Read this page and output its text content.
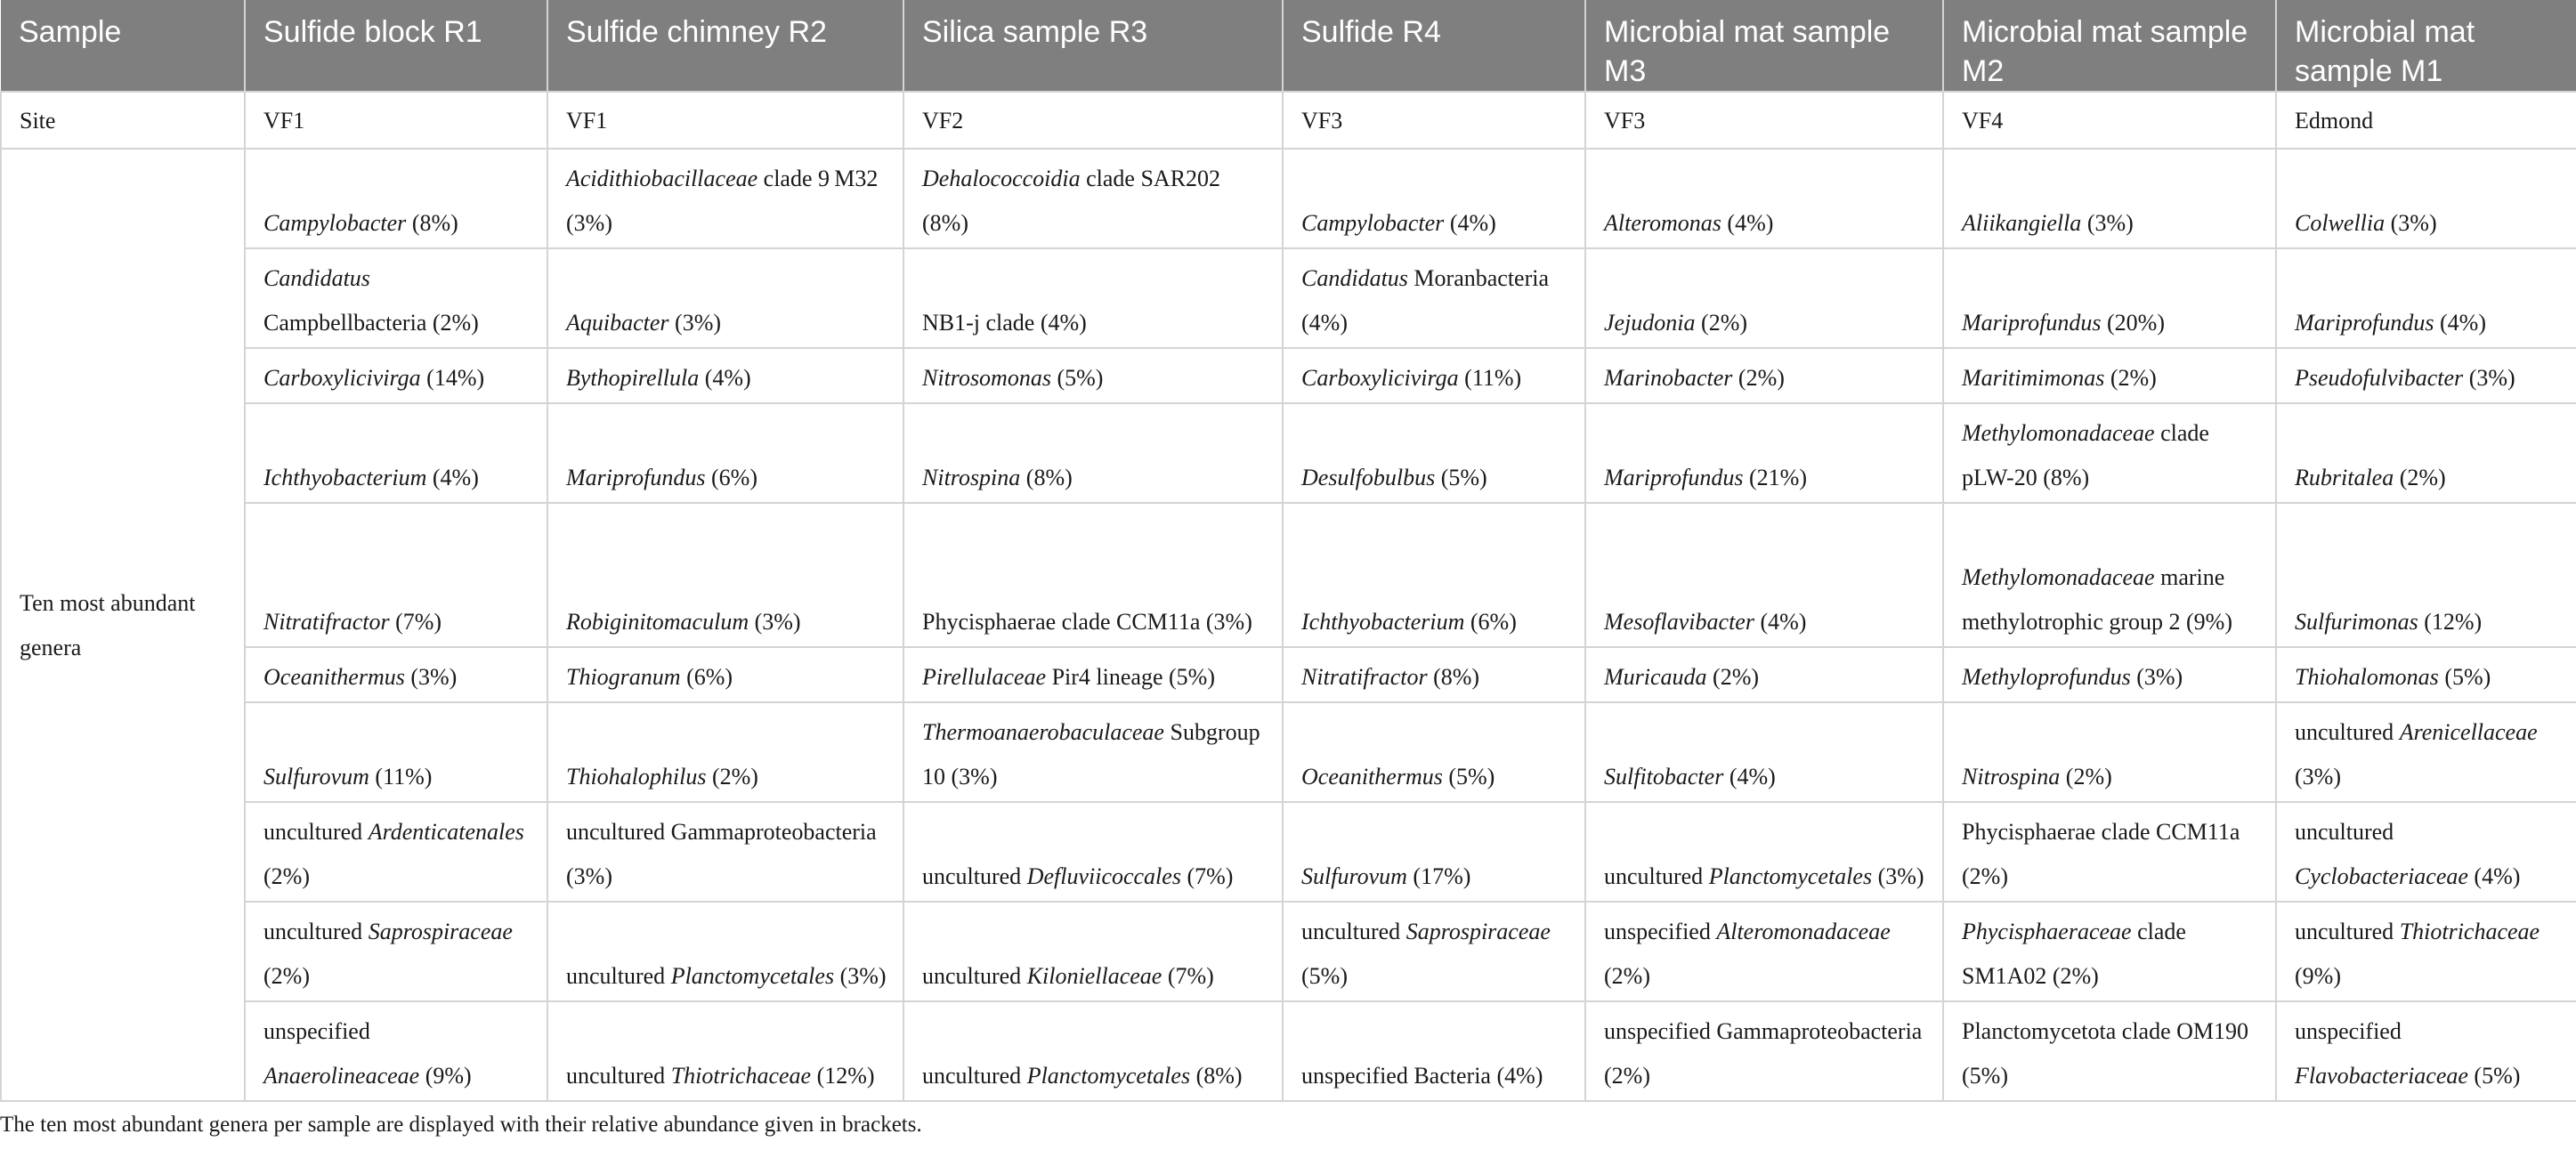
Sample	Sulfide block R1	Sulfide chimney R2	Silica sample R3	Sulfide R4	Microbial mat sample M3	Microbial mat sample M2	Microbial mat sample M1
Site	VF1	VF1	VF2	VF3	VF3	VF4	Edmond
Ten most abundant genera	Campylobacter (8%)	Acidithiobacillaceae clade 9 M32 (3%)	Dehalococcoidia clade SAR202 (8%)	Campylobacter (4%)	Alteromonas (4%)	Aliikangiella (3%)	Colwellia (3%)
	Candidatus Campbellbacteria (2%)	Aquibacter (3%)	NB1-j clade (4%)	Candidatus Moranbacteria (4%)	Jejudonia (2%)	Mariprofundus (20%)	Mariprofundus (4%)
	Carboxylicivirga (14%)	Bythopirellula (4%)	Nitrosomonas (5%)	Carboxylicivirga (11%)	Marinobacter (2%)	Maritimimonas (2%)	Pseudofulvibacter (3%)
	Ichthyobacterium (4%)	Mariprofundus (6%)	Nitrospina (8%)	Desulfobulbus (5%)	Mariprofundus (21%)	Methylomonadaceae clade pLW-20 (8%)	Rubritalea (2%)
	Nitratifractor (7%)	Robiginitomaculum (3%)	Phycisphaerae clade CCM11a (3%)	Ichthyobacterium (6%)	Mesoflavibacter (4%)	Methylomonadaceae marine methylotrophic group 2 (9%)	Sulfurimonas (12%)
	Oceanithermus (3%)	Thiogranum (6%)	Pirellulaceae Pir4 lineage (5%)	Nitratifractor (8%)	Muricauda (2%)	Methyloprofundus (3%)	Thiohalomonas (5%)
	Sulfurovum (11%)	Thiohalophilus (2%)	Thermoanaerobaculaceae Subgroup 10 (3%)	Oceanithermus (5%)	Sulfitobacter (4%)	Nitrospina (2%)	uncultured Arenicellaceae (3%)
	uncultured Ardenticatenales (2%)	uncultured Gammaproteobacteria (3%)	uncultured Defluviicoccales (7%)	Sulfurovum (17%)	uncultured Planctomycetales (3%)	Phycisphaerae clade CCM11a (2%)	uncultured Cyclobacteriaceae (4%)
	uncultured Saprospiraceae (2%)	uncultured Planctomycetales (3%)	uncultured Kiloniellaceae (7%)	uncultured Saprospiraceae (5%)	unspecified Alteromonadaceae (2%)	Phycisphaeraceae clade SM1A02 (2%)	uncultured Thiotrichaceae (9%)
	unspecified Anaerolineaceae (9%)	uncultured Thiotrichaceae (12%)	uncultured Planctomycetales (8%)	unspecified Bacteria (4%)	unspecified Gammaproteobacteria (2%)	Planctomycetota clade OM190 (5%)	unspecified Flavobacteriaceae (5%)
The ten most abundant genera per sample are displayed with their relative abundance given in brackets.
